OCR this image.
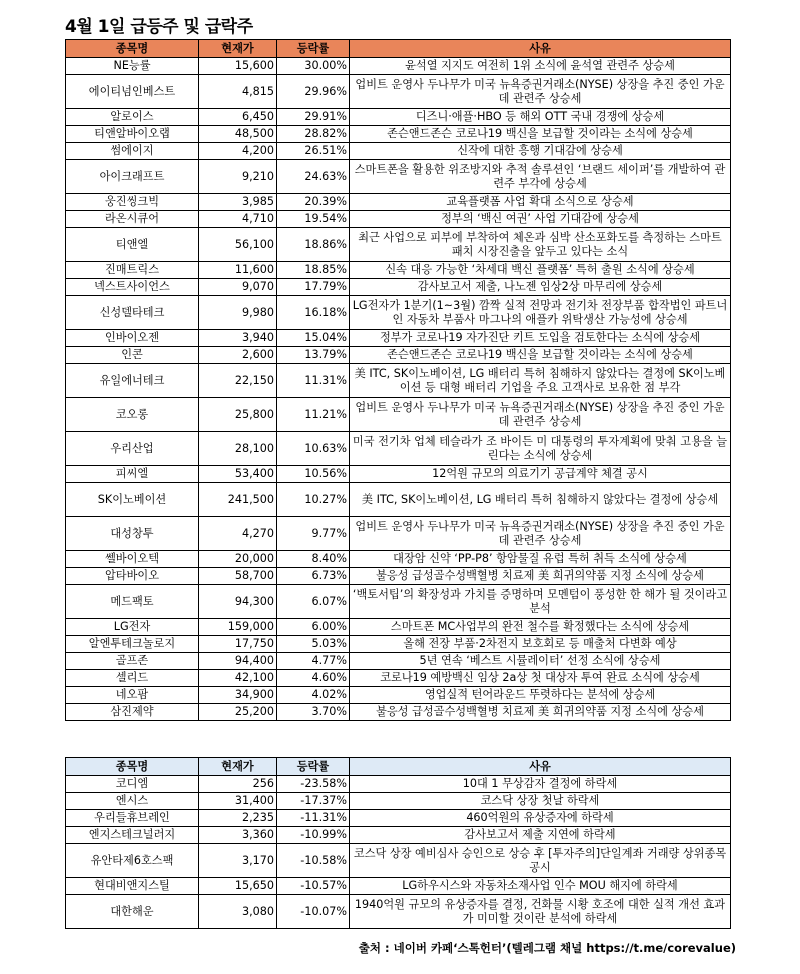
4월 1일 급등주 및 급락주
종목명	현재가	등락률	사유
NE능률	15,600	30.00%	윤석열 지지도 여전히 1위 소식에 윤석열 관련주 상승세
에이티넘인베스트	4,815	29.96%	업비트 운영사 두나무가 미국 뉴욕증권거래소(NYSE) 상장을 추진 중인 가운데 관련주 상승세
알로이스	6,450	29.91%	디즈니·애플·HBO 등 해외 OTT 국내 경쟁에 상승세
티앤알바이오랩	48,500	28.82%	존슨앤드존슨 코로나19 백신을 보급할 것이라는 소식에 상승세
썸에이지	4,200	26.51%	신작에 대한 흥행 기대감에 상승세
아이크래프트	9,210	24.63%	스마트폰을 활용한 위조방지와 추적 솔루션인 ‘브랜드 세이퍼’를 개발하여 관련주 부각에 상승세
웅진씽크빅	3,985	20.39%	교육플랫폼 사업 확대 소식으로 상승세
라온시큐어	4,710	19.54%	정부의 ‘백신 여권’ 사업 기대감에 상승세
티앤엘	56,100	18.86%	최근 사업으로 피부에 부착하여 체온과 심박 산소포화도를 측정하는 스마트 패치 시장진출을 앞두고 있다는 소식
진매트릭스	11,600	18.85%	신속 대응 가능한 ‘차세대 백신 플랫폼’ 특허 출원 소식에 상승세
넥스트사이언스	9,070	17.79%	감사보고서 제출, 나노젠 임상2상 마무리에 상승세
신성델타테크	9,980	16.18%	LG전자가 1분기(1~3월) 깜짝 실적 전망과 전기차 전장부품 합작법인 파트너인 자동차 부품사 마그나의 애플카 위탁생산 가능성에 상승세
인바이오젠	3,940	15.04%	정부가 코로나19 자가진단 키트 도입을 검토한다는 소식에 상승세
인콘	2,600	13.79%	존슨앤드존슨 코로나19 백신을 보급할 것이라는 소식에 상승세
유일에너테크	22,150	11.31%	美 ITC, SK이노베이션, LG 배터리 특허 침해하지 않았다는 결정에 SK이노베이션 등 대형 배터리 기업을 주요 고객사로 보유한 점 부각
코오롱	25,800	11.21%	업비트 운영사 두나무가 미국 뉴욕증권거래소(NYSE) 상장을 추진 중인 가운데 관련주 상승세
우리산업	28,100	10.63%	미국 전기차 업체 테슬라가 조 바이든 미 대통령의 투자계획에 맞춰 고용을 늘린다는 소식에 상승세
피씨엘	53,400	10.56%	12억원 규모의 의료기기 공급계약 체결 공시
SK이노베이션	241,500	10.27%	美 ITC, SK이노베이션, LG 배터리 특허 침해하지 않았다는 결정에 상승세
대성창투	4,270	9.77%	업비트 운영사 두나무가 미국 뉴욕증권거래소(NYSE) 상장을 추진 중인 가운데 관련주 상승세
쎌바이오텍	20,000	8.40%	대장암 신약 ‘PP-P8’ 항암물질 유럽 특허 취득 소식에 상승세
압타바이오	58,700	6.73%	불응성 급성골수성백혈병 치료제 美 희귀의약품 지정 소식에 상승세
메드팩토	94,300	6.07%	‘백토서팁’의 확장성과 가치를 증명하며 모멘텀이 풍성한 한 해가 될 것이라고 분석
LG전자	159,000	6.00%	스마트폰 MC사업부의 완전 철수를 확정했다는 소식에 상승세
알엔투테크놀로지	17,750	5.03%	올해 전장 부품·2차전지 보호회로 등 매출처 다변화 예상
골프존	94,400	4.77%	5년 연속 ‘베스트 시뮬레이터’ 선정 소식에 상승세
셀리드	42,100	4.60%	코로나19 예방백신 임상 2a상 첫 대상자 투여 완료 소식에 상승세
네오팜	34,900	4.02%	영업실적 턴어라운드 뚜렷하다는 분석에 상승세
삼진제약	25,200	3.70%	불응성 급성골수성백혈병 치료제 美 희귀의약품 지정 소식에 상승세
종목명	현재가	등락률	사유
코디엠	256	-23.58%	10대 1 무상감자 결정에 하락세
엔시스	31,400	-17.37%	코스닥 상장 첫날 하락세
우리들휴브레인	2,235	-11.31%	460억원의 유상증자에 하락세
엔지스테크널러지	3,360	-10.99%	감사보고서 제출 지연에 하락세
유안타제6호스팩	3,170	-10.58%	코스닥 상장 예비심사 승인으로 상승 후 [투자주의]단일계좌 거래량 상위종목 공시
현대비앤지스틸	15,650	-10.57%	LG하우시스와 자동차소재사업 인수 MOU 해지에 하락세
대한해운	3,080	-10.07%	1940억원 규모의 유상증자를 결정, 건화물 시황 호조에 대한 실적 개선 효과가 미미할 것이란 분석에 하락세
출처 : 네이버 카페‘스톡헌터’(텔레그램 채널 https://t.me/corevalue)
